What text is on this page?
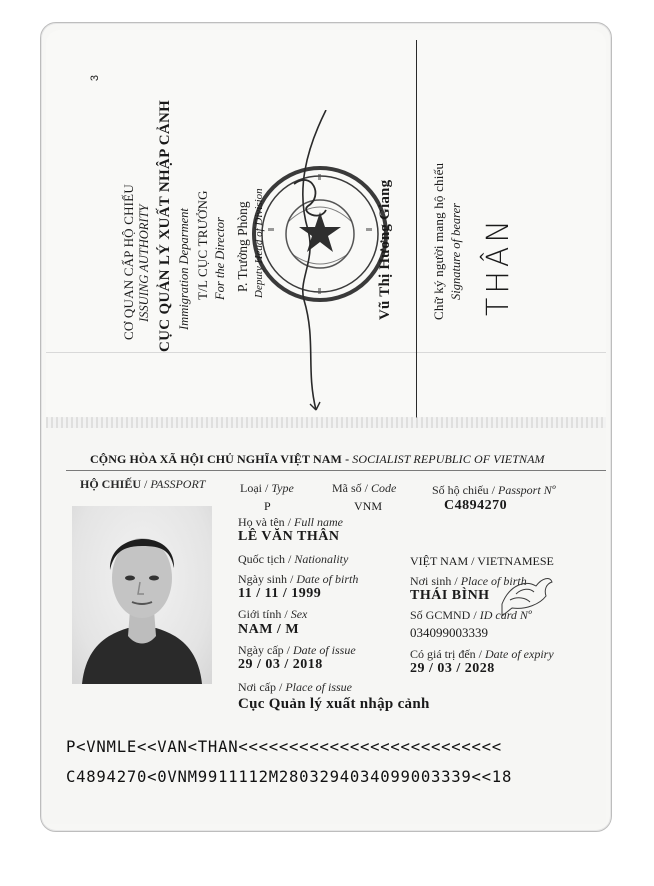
3
CƠ QUAN CẤP HỘ CHIẾU ISSUING AUTHORITY CỤC QUẢN LÝ XUẤT NHẬP CẢNH Immigration Deparment T/L CỤC TRƯỞNG For the Director P. Trưởng Phòng Deputy Head of Division	Vũ Thị Hương Giang	Chữ ký người mang hộ chiếu Signature of bearer THÂN
CỘNG HÒA XÃ HỘI CHỦ NGHĨA VIỆT NAM - SOCIALIST REPUBLIC OF VIETNAM
HỘ CHIẾU / PASSPORT	Loại / Type
P
Mã số / Code
VNM
Số hộ chiếu / Passport Nº
C4894270
Họ và tên / Full name
LÊ VĂN THÂN
Quốc tịch / Nationality	VIỆT NAM / VIETNAMESE
Ngày sinh / Date of birth
11 / 11 / 1999
Nơi sinh / Place of birth
THÁI BÌNH
Giới tính / Sex
NAM / M
Số GCMND / ID card Nº
034099003339
Ngày cấp / Date of issue
29 / 03 / 2018
Có giá trị đến / Date of expiry
29 / 03 / 2028
Nơi cấp / Place of issue
Cục Quản lý xuất nhập cảnh
P<VNMLE<<VAN<THAN<<<<<<<<<<<<<<<<<<<<<<<<<<
C4894270<0VNM9911112M2803294034099003339<<18
